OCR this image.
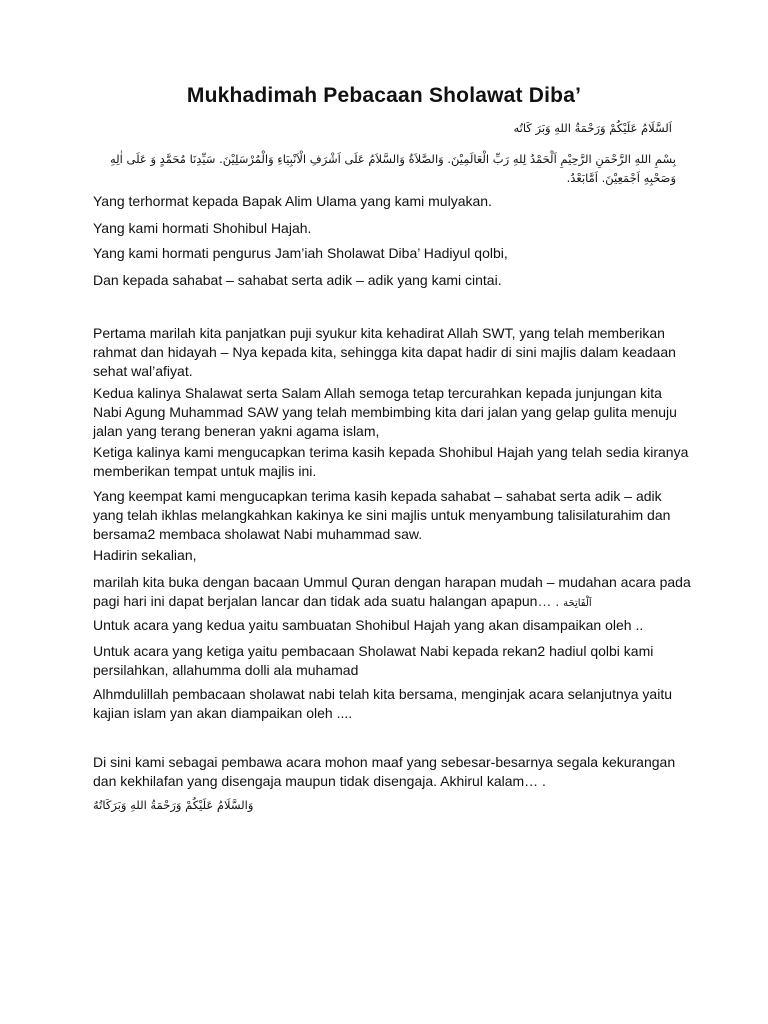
Mukhadimah Pebacaan Sholawat Diba’
اَلسَّلَامُ عَلَيْكُمْ وَرَحْمَةُ اللهِ وَبَرَ كَاتُه
بِسْمِ اللهِ الرَّحْمَنِ الرَّحِيْمِ اَلْحَمْدُ لِلهِ رَبِّ الْعَالَمِيْنَ. وَالصَّلاَةُ وَالسَّلاَمُ عَلَى اَشْرَفِ الْاَنْبِيَاءِ وَالْمُرْسَلِيْنَ. سَيِّدِنَا مُحَمَّدٍ وَ عَلَى اٰلِهِ وَصَحْبِهِ اَجْمَعِيْنَ. اَمَّابَعْدُ.

Yang terhormat kepada Bapak Alim Ulama yang kami mulyakan.

Yang kami hormati Shohibul Hajah.

Yang kami hormati pengurus Jam’iah Sholawat Diba’ Hadiyul qolbi,

Dan kepada sahabat – sahabat serta adik – adik yang kami cintai.

Pertama marilah kita panjatkan puji syukur kita kehadirat Allah SWT, yang telah memberikan rahmat dan hidayah – Nya kepada kita, sehingga kita dapat hadir di sini majlis dalam keadaan sehat wal’afiyat.

Kedua kalinya Shalawat serta Salam Allah semoga tetap tercurahkan kepada junjungan kita Nabi Agung Muhammad SAW yang telah membimbing kita dari jalan yang gelap gulita menuju jalan yang terang beneran yakni agama islam,

Ketiga kalinya kami mengucapkan terima kasih kepada Shohibul Hajah yang telah sedia kiranya memberikan tempat untuk majlis ini.

Yang keempat kami mengucapkan terima kasih kepada sahabat – sahabat serta adik – adik yang telah ikhlas melangkahkan kakinya ke sini majlis untuk menyambung talisilaturahim dan bersama2 membaca sholawat Nabi muhammad saw.

Hadirin sekalian,

marilah kita buka dengan bacaan Ummul Quran dengan harapan mudah – mudahan acara pada pagi hari ini dapat berjalan lancar dan tidak ada suatu halangan apapun… . اَلْفَاتِحَة

Untuk acara yang kedua yaitu sambuatan Shohibul Hajah yang akan disampaikan oleh ..

Untuk acara yang ketiga yaitu pembacaan Sholawat Nabi kepada rekan2 hadiul qolbi kami persilahkan, allahumma dolli ala muhamad

Alhmdulillah pembacaan sholawat nabi telah kita bersama, menginjak acara selanjutnya yaitu kajian islam yan akan diampaikan oleh ....

Di sini kami sebagai pembawa acara mohon maaf yang sebesar-besarnya segala kekurangan dan kekhilafan yang disengaja maupun tidak disengaja. Akhirul kalam… .

وَالسَّلَامُ عَلَيْكُمْ وَرَحْمَةُ اللهِ وَبَرَكَاتُهُ
